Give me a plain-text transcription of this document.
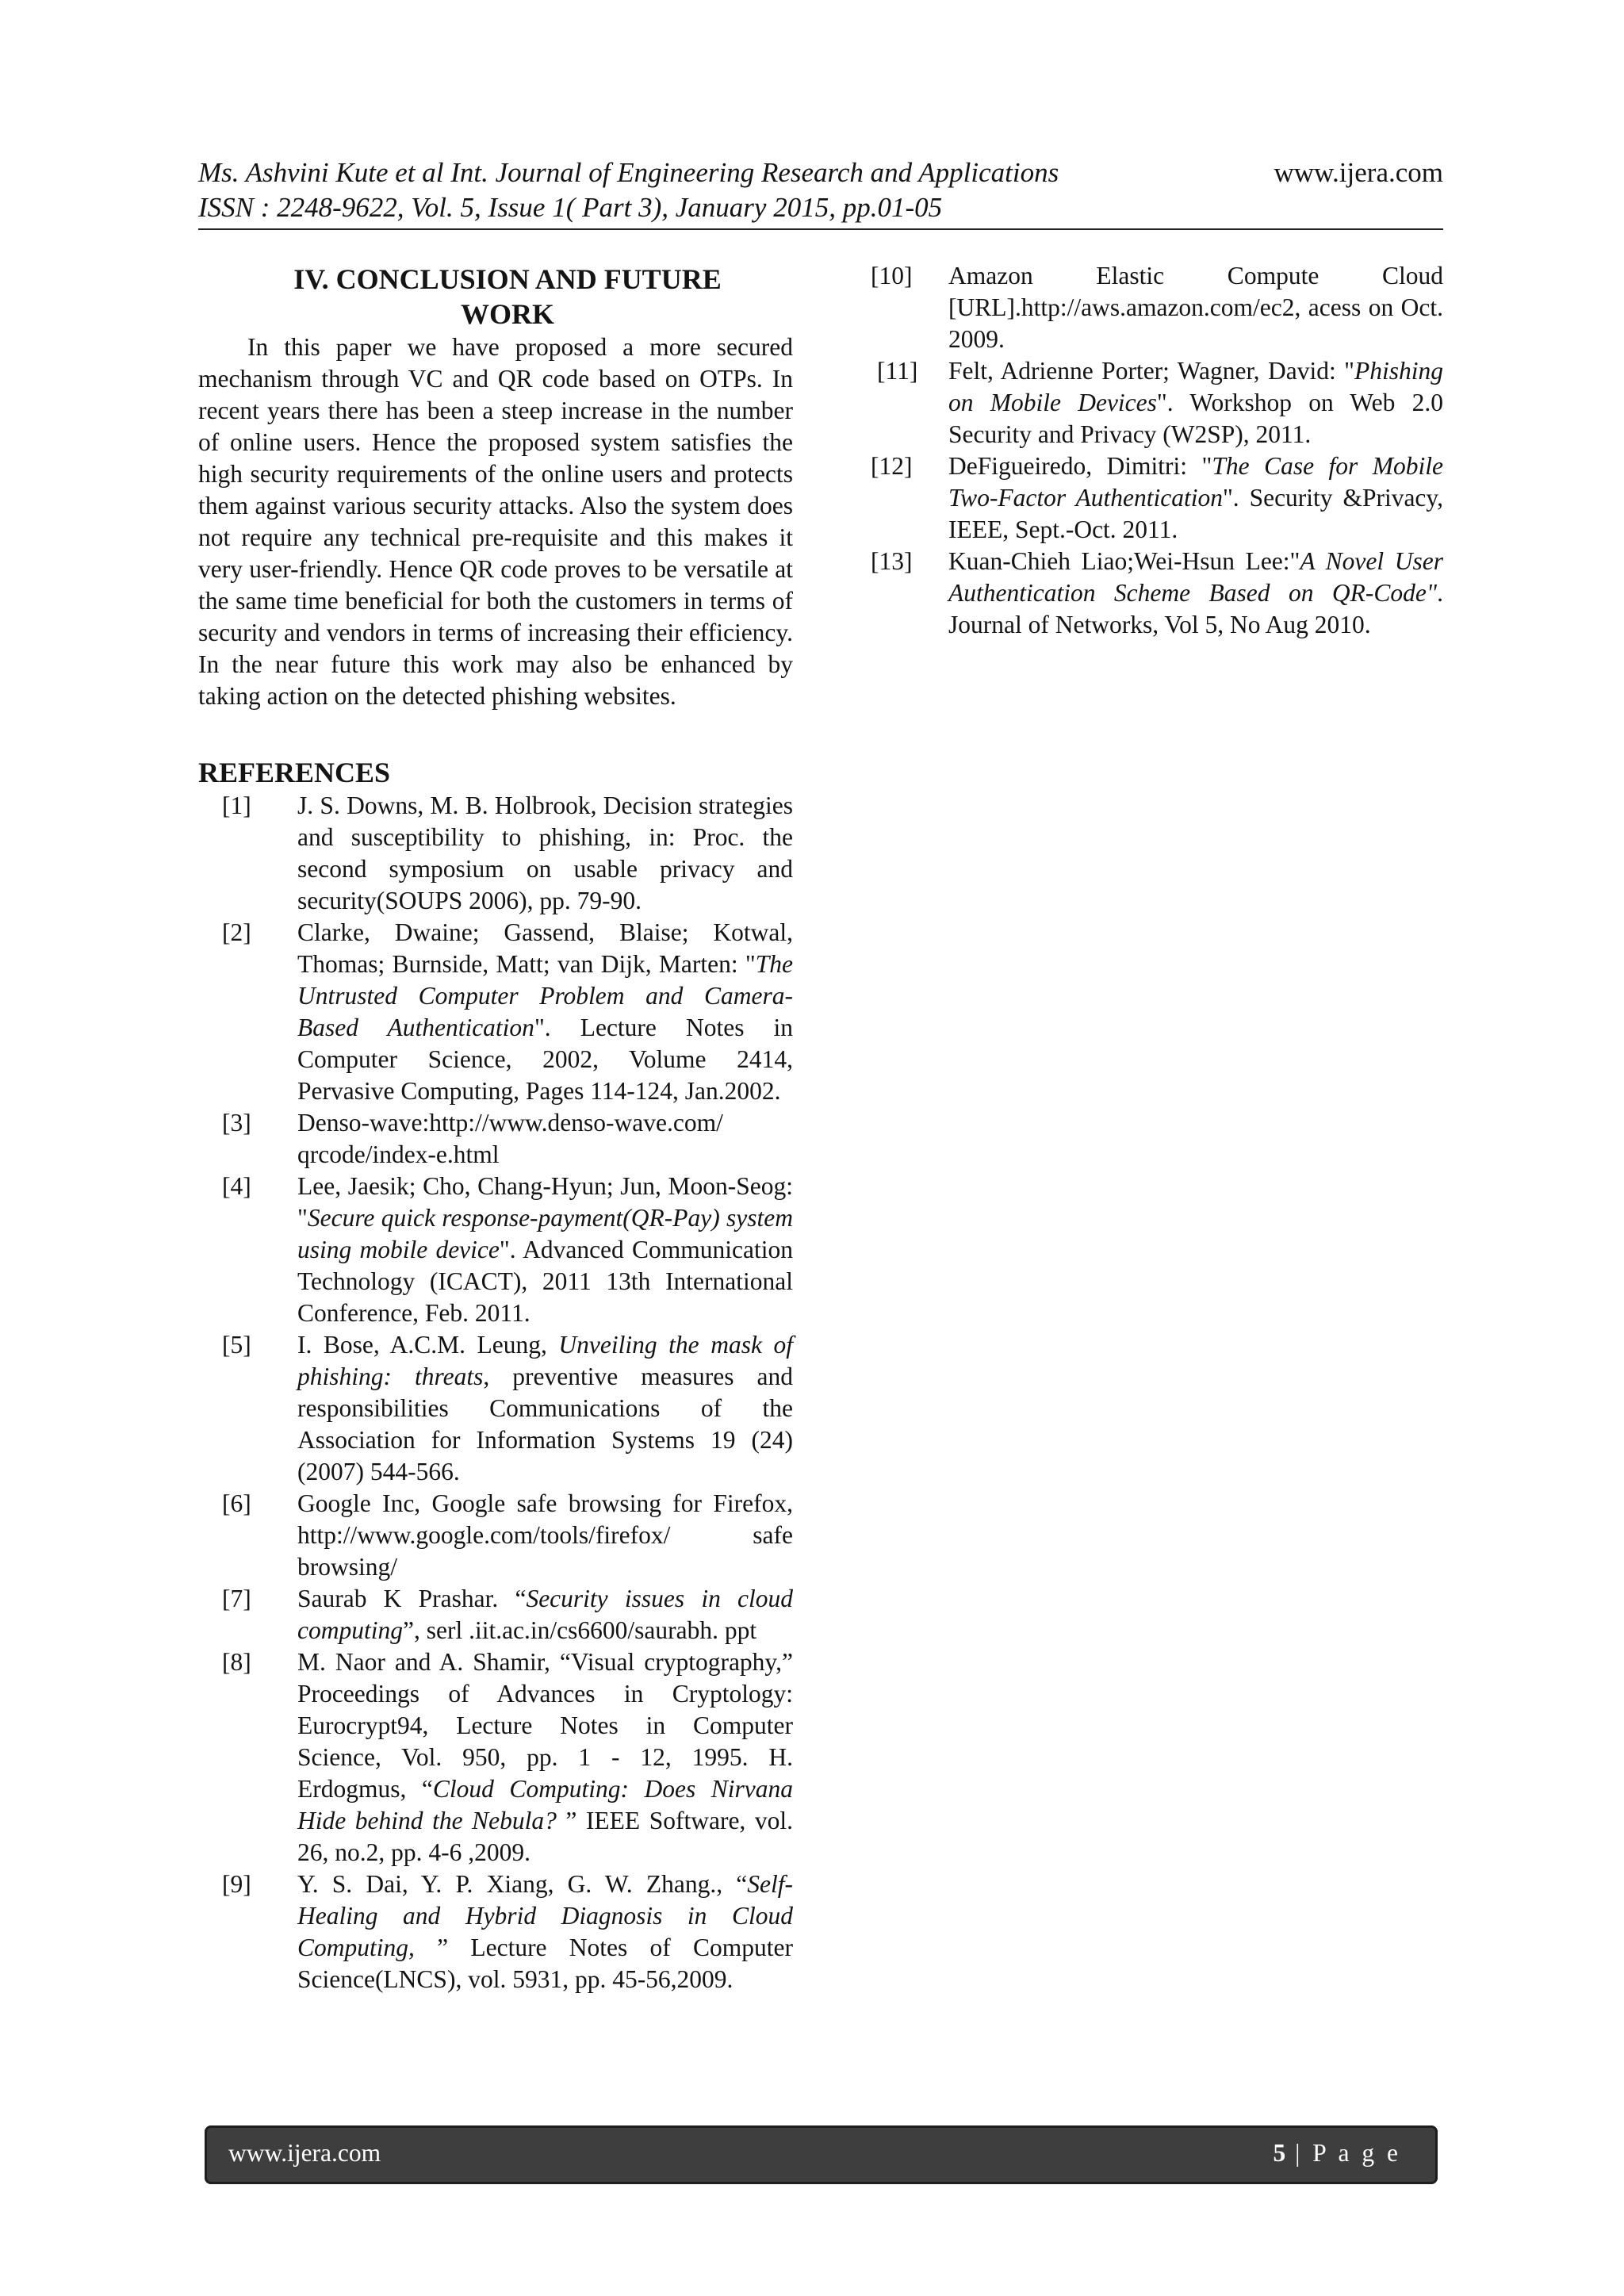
Ms. Ashvini Kute et al Int. Journal of Engineering Research and Applications
ISSN : 2248-9622, Vol. 5, Issue 1( Part 3), January 2015, pp.01-05
www.ijera.com
IV. CONCLUSION AND FUTURE WORK

In this paper we have proposed a more secured mechanism through VC and QR code based on OTPs. In recent years there has been a steep increase in the number of online users. Hence the proposed system satisfies the high security requirements of the online users and protects them against various security attacks. Also the system does not require any technical pre-requisite and this makes it very user-friendly. Hence QR code proves to be versatile at the same time beneficial for both the customers in terms of security and vendors in terms of increasing their efficiency. In the near future this work may also be enhanced by taking action on the detected phishing websites.

REFERENCES
[1] J. S. Downs, M. B. Holbrook, Decision strategies and susceptibility to phishing, in: Proc. the second symposium on usable privacy and security(SOUPS 2006), pp. 79-90.
[2] Clarke, Dwaine; Gassend, Blaise; Kotwal, Thomas; Burnside, Matt; van Dijk, Marten: "The Untrusted Computer Problem and Camera-Based Authentication". Lecture Notes in Computer Science, 2002, Volume 2414, Pervasive Computing, Pages 114-124, Jan.2002.
[3] Denso-wave:http://www.denso-wave.com/ qrcode/index-e.html
[4] Lee, Jaesik; Cho, Chang-Hyun; Jun, Moon-Seog: "Secure quick response-payment(QR-Pay) system using mobile device". Advanced Communication Technology (ICACT), 2011 13th International Conference, Feb. 2011.
[5] I. Bose, A.C.M. Leung, Unveiling the mask of phishing: threats, preventive measures and responsibilities Communications of the Association for Information Systems 19 (24) (2007) 544-566.
[6] Google Inc, Google safe browsing for Firefox, http://www.google.com/tools/firefox/ safe browsing/
[7] Saurab K Prashar. “Security issues in cloud computing”, serl .iit.ac.in/cs6600/saurabh. ppt
[8] M. Naor and A. Shamir, “Visual cryptography,” Proceedings of Advances in Cryptology: Eurocrypt94, Lecture Notes in Computer Science, Vol. 950, pp. 1 - 12, 1995. H. Erdogmus, “Cloud Computing: Does Nirvana Hide behind the Nebula? ” IEEE Software, vol. 26, no.2, pp. 4-6 ,2009.
[9] Y. S. Dai, Y. P. Xiang, G. W. Zhang., “Self-Healing and Hybrid Diagnosis in Cloud Computing, ” Lecture Notes of Computer Science(LNCS), vol. 5931, pp. 45-56,2009.
[10] Amazon Elastic Compute Cloud [URL].http://aws.amazon.com/ec2, acess on Oct. 2009.
[11] Felt, Adrienne Porter; Wagner, David: "Phishing on Mobile Devices". Workshop on Web 2.0 Security and Privacy (W2SP), 2011.
[12] DeFigueiredo, Dimitri: "The Case for Mobile Two-Factor Authentication". Security &Privacy, IEEE, Sept.-Oct. 2011.
[13] Kuan-Chieh Liao;Wei-Hsun Lee:"A Novel User Authentication Scheme Based on QR-Code". Journal of Networks, Vol 5, No Aug 2010.
www.ijera.com	5 | P a g e
